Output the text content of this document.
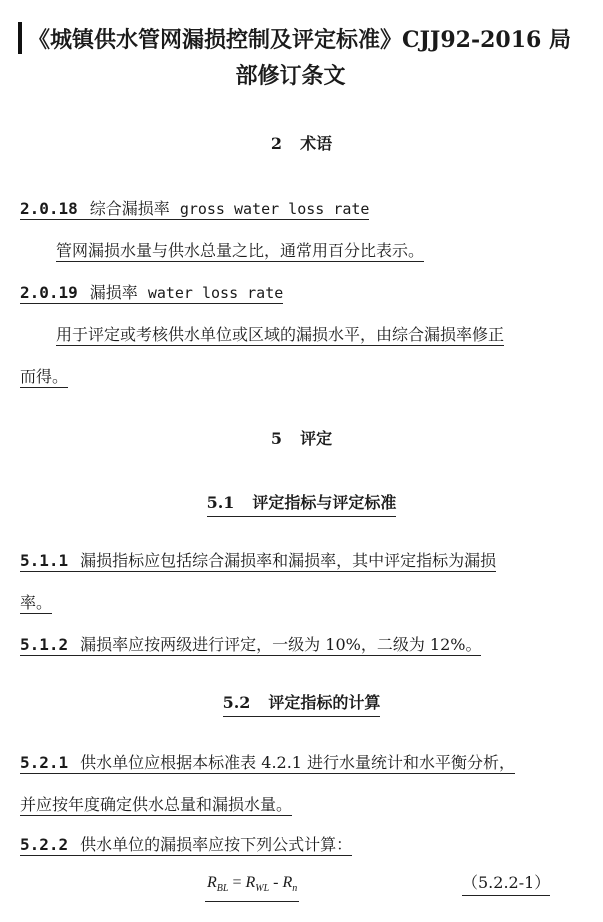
《城镇供水管网漏损控制及评定标准》CJJ92-2016 局
部修订条文
2 术语
2.0.18 综合漏损率 gross water loss rate
管网漏损水量与供水总量之比，通常用百分比表示。
2.0.19 漏损率 water loss rate
用于评定或考核供水单位或区域的漏损水平，由综合漏损率修正
而得。
5 评定
5.1 评定指标与评定标准
5.1.1 漏损指标应包括综合漏损率和漏损率，其中评定指标为漏损
率。
5.1.2 漏损率应按两级进行评定，一级为 10%，二级为 12%。
5.2 评定指标的计算
5.2.1 供水单位应根据本标准表 4.2.1 进行水量统计和水平衡分析，
并应按年度确定供水总量和漏损水量。
5.2.2 供水单位的漏损率应按下列公式计算：
$R_{BL} = R_{WL} - R_n$	（5.2.2-1）
